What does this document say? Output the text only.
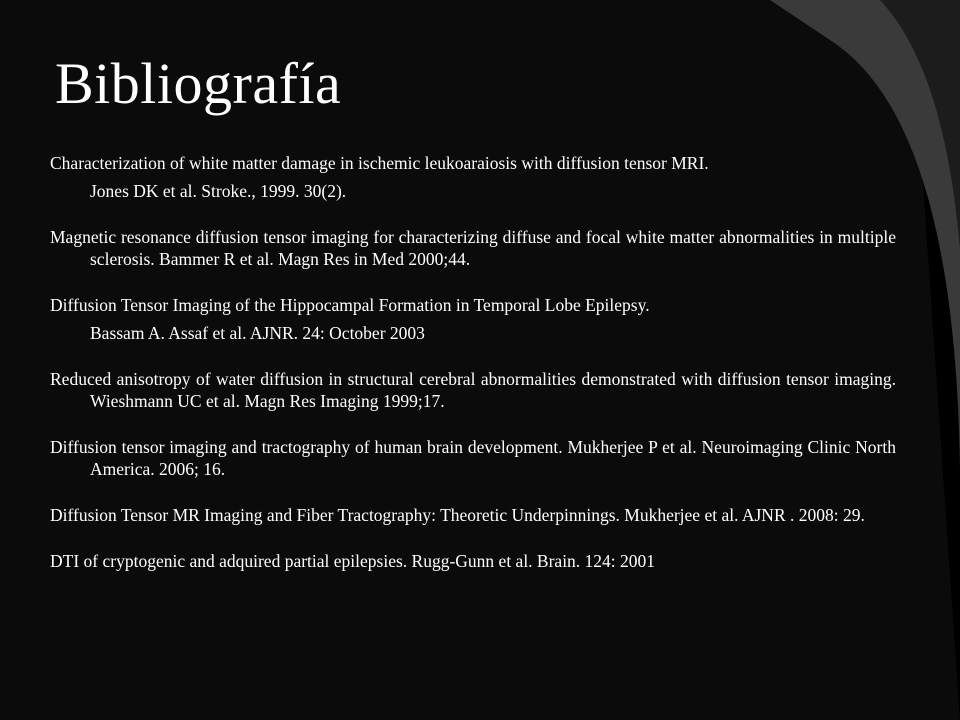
Bibliografía
Characterization of white matter damage in ischemic leukoaraiosis with diffusion tensor MRI.
Jones DK et al. Stroke., 1999. 30(2).
Magnetic resonance diffusion tensor imaging for characterizing diffuse and focal white matter abnormalities in multiple sclerosis. Bammer R et al. Magn Res in Med 2000;44.
Diffusion Tensor Imaging of the Hippocampal Formation in Temporal Lobe Epilepsy.
Bassam A. Assaf et al. AJNR. 24: October 2003
Reduced anisotropy of water diffusion in structural cerebral abnormalities demonstrated with diffusion tensor imaging. Wieshmann UC et al. Magn Res Imaging 1999;17.
Diffusion tensor imaging and tractography of human brain development. Mukherjee P et al. Neuroimaging Clinic North America. 2006; 16.
Diffusion Tensor MR Imaging and Fiber Tractography: Theoretic Underpinnings. Mukherjee et al. AJNR . 2008: 29.
DTI of cryptogenic and adquired partial epilepsies. Rugg-Gunn et al. Brain. 124: 2001
